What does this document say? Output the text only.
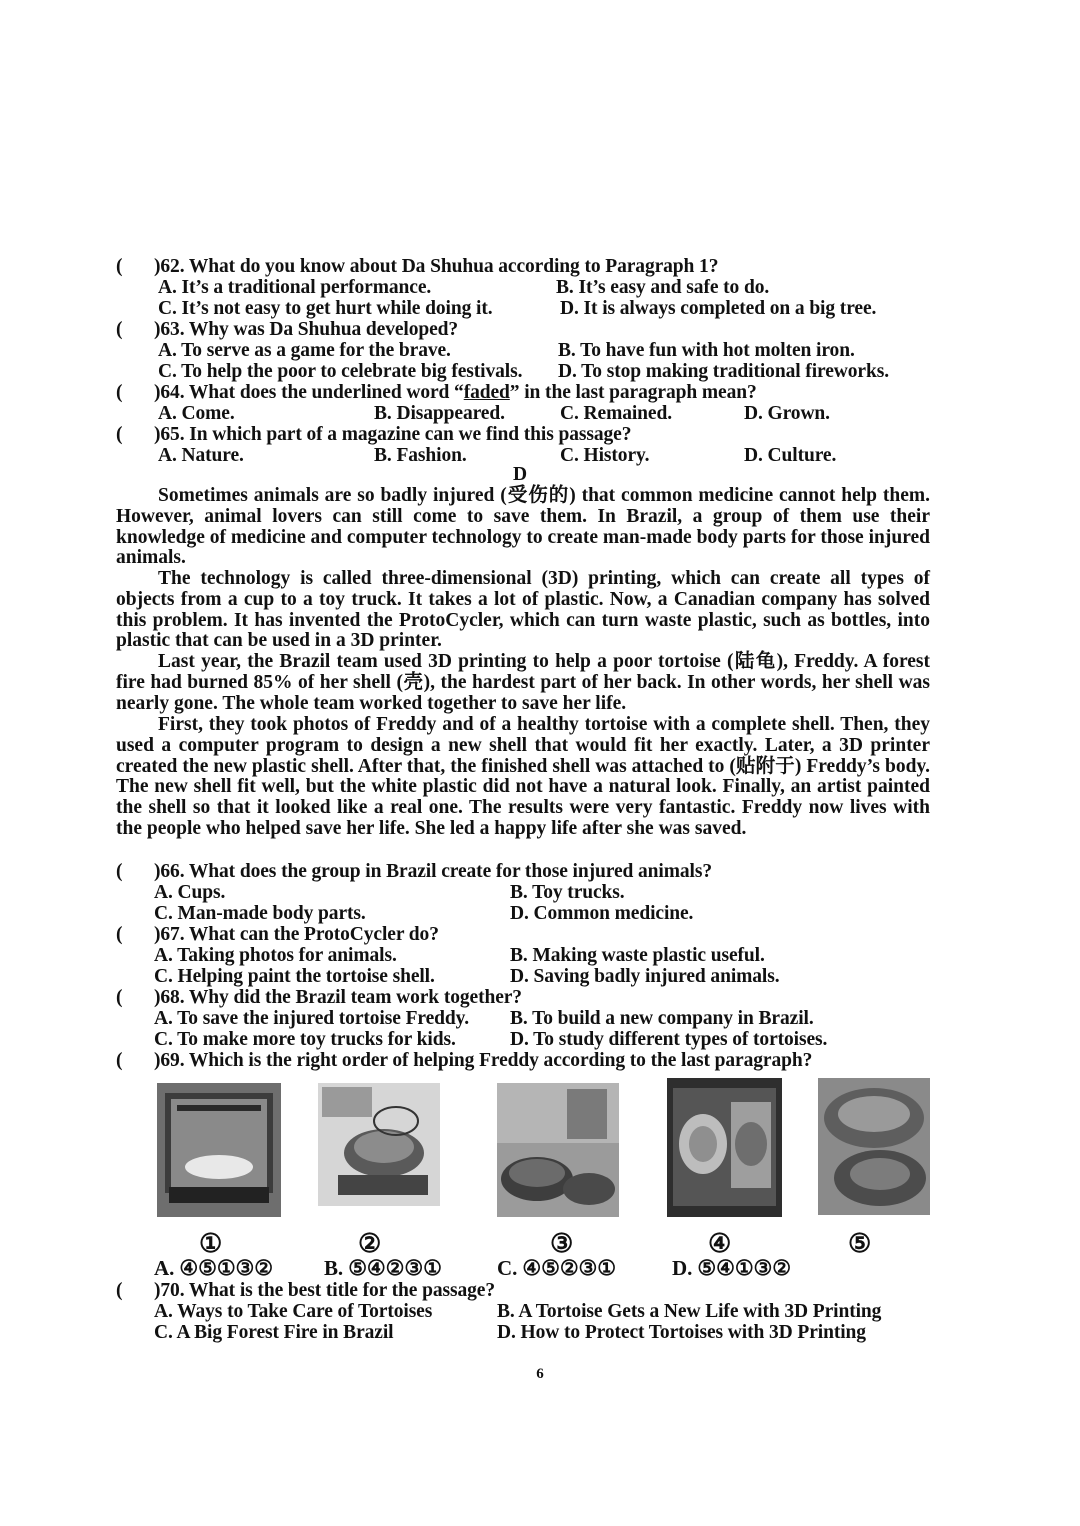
( )62. What do you know about Da Shuhua according to Paragraph 1?
A. It’s a traditional performance.	B. It’s easy and safe to do.
C. It’s not easy to get hurt while doing it.	D. It is always completed on a big tree.
( )63. Why was Da Shuhua developed?
A. To serve as a game for the brave.	B. To have fun with hot molten iron.
C. To help the poor to celebrate big festivals. D. To stop making traditional fireworks.
( )64. What does the underlined word “faded” in the last paragraph mean?
A. Come.	B. Disappeared.	C. Remained.	D. Grown.
( )65. In which part of a magazine can we find this passage?
A. Nature.	B. Fashion.	C. History.	D. Culture.
D
Sometimes animals are so badly injured (受伤的) that common medicine cannot help them. However, animal lovers can still come to save them. In Brazil, a group of them use their knowledge of medicine and computer technology to create man-made body parts for those injured animals.
The technology is called three-dimensional (3D) printing, which can create all types of objects from a cup to a toy truck. It takes a lot of plastic. Now, a Canadian company has solved this problem. It has invented the ProtoCycler, which can turn waste plastic, such as bottles, into plastic that can be used in a 3D printer.
Last year, the Brazil team used 3D printing to help a poor tortoise (陆龟), Freddy. A forest fire had burned 85% of her shell (壳), the hardest part of her back. In other words, her shell was nearly gone. The whole team worked together to save her life.
First, they took photos of Freddy and of a healthy tortoise with a complete shell. Then, they used a computer program to design a new shell that would fit her exactly. Later, a 3D printer created the new plastic shell. After that, the finished shell was attached to (贴附于) Freddy’s body. The new shell fit well, but the white plastic did not have a natural look. Finally, an artist painted the shell so that it looked like a real one. The results were very fantastic. Freddy now lives with the people who helped save her life. She led a happy life after she was saved.
( )66. What does the group in Brazil create for those injured animals?
A. Cups.	B. Toy trucks.
C. Man-made body parts.	D. Common medicine.
( )67. What can the ProtoCycler do?
A. Taking photos for animals.	B. Making waste plastic useful.
C. Helping paint the tortoise shell.	D. Saving badly injured animals.
( )68. Why did the Brazil team work together?
A. To save the injured tortoise Freddy. B. To build a new company in Brazil.
C. To make more toy trucks for kids.	D. To study different types of tortoises.
( )69. Which is the right order of helping Freddy according to the last paragraph?
①	②	③	④	⑤
A. ④⑤①③② B. ⑤④②③①	C. ④⑤②③①	D. ⑤④①③②
( )70. What is the best title for the passage?
A. Ways to Take Care of Tortoises	B. A Tortoise Gets a New Life with 3D Printing
C. A Big Forest Fire in Brazil	D. How to Protect Tortoises with 3D Printing
6
